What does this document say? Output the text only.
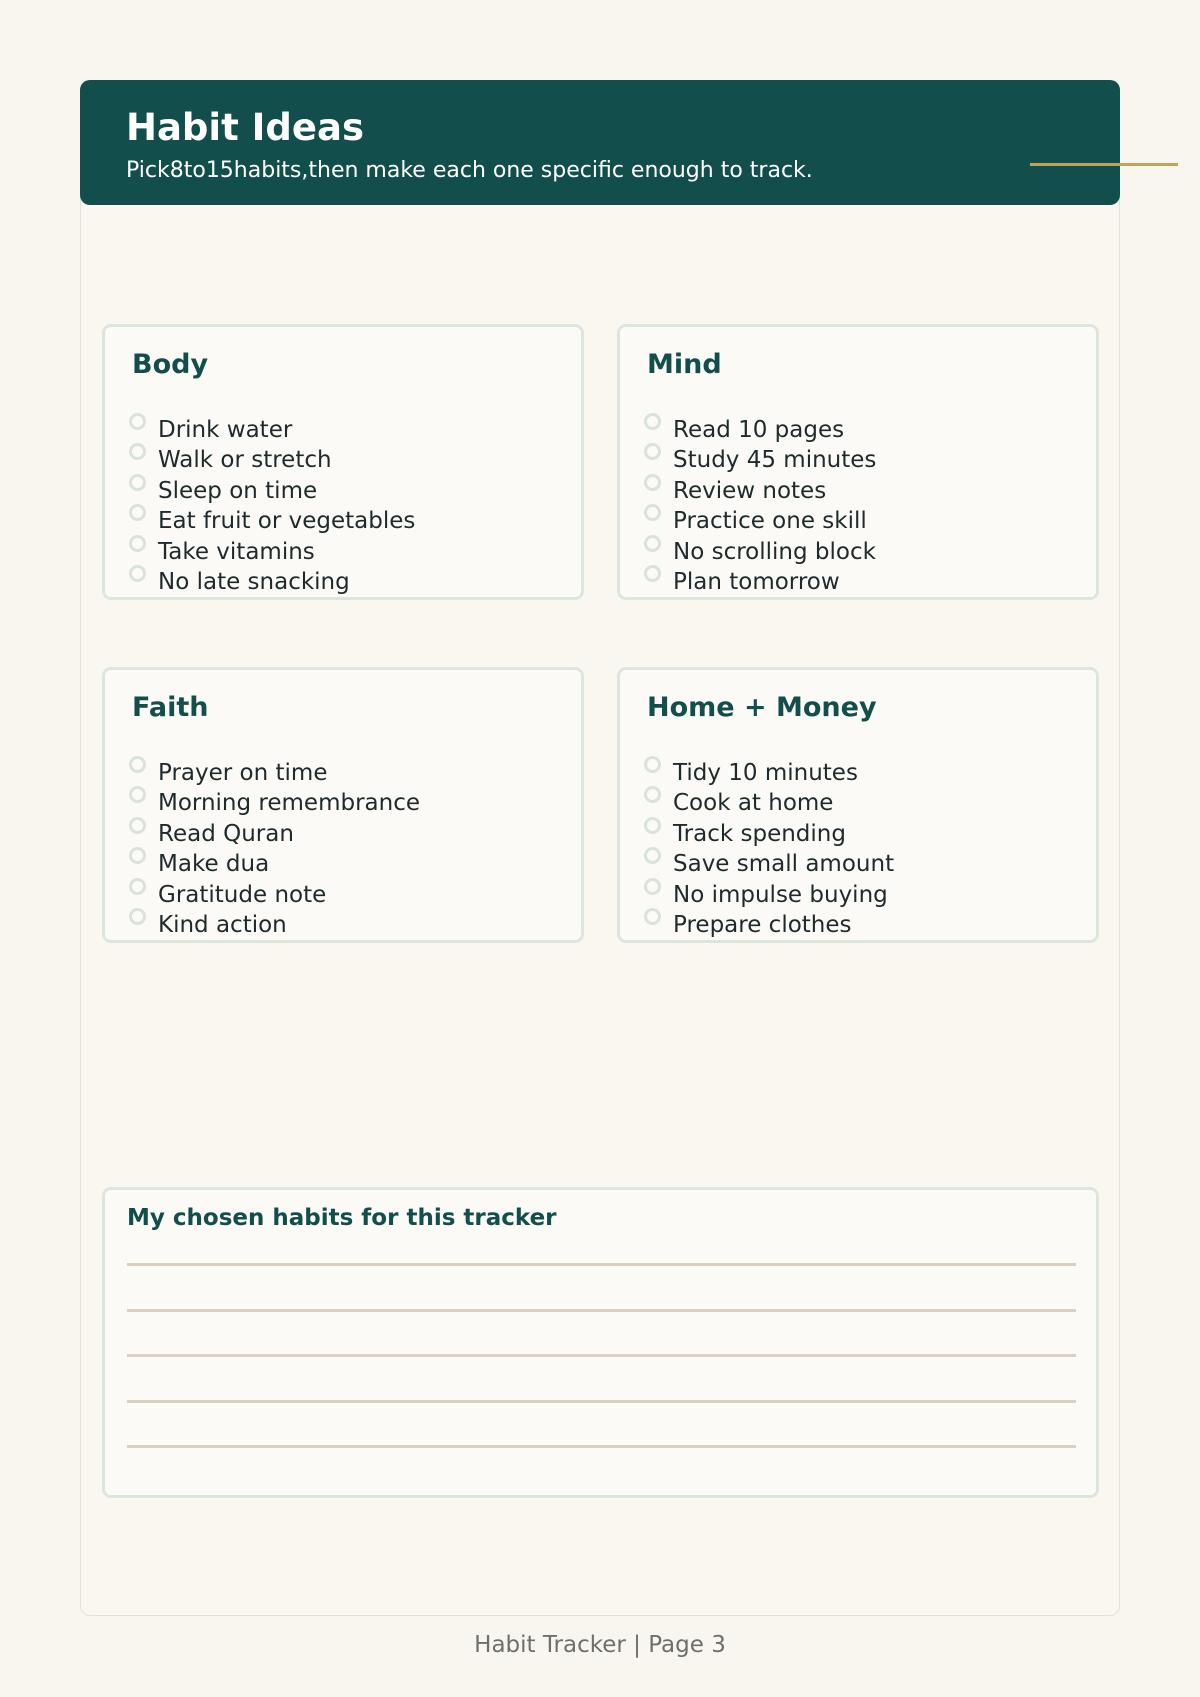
Habit Ideas
Pick8to15habits,then make each one specific enough to track.
Body
Drink water
Walk or stretch
Sleep on time
Eat fruit or vegetables
Take vitamins
No late snacking
Mind
Read 10 pages
Study 45 minutes
Review notes
Practice one skill
No scrolling block
Plan tomorrow
Faith
Prayer on time
Morning remembrance
Read Quran
Make dua
Gratitude note
Kind action
Home + Money
Tidy 10 minutes
Cook at home
Track spending
Save small amount
No impulse buying
Prepare clothes
My chosen habits for this tracker
Habit Tracker | Page 3
